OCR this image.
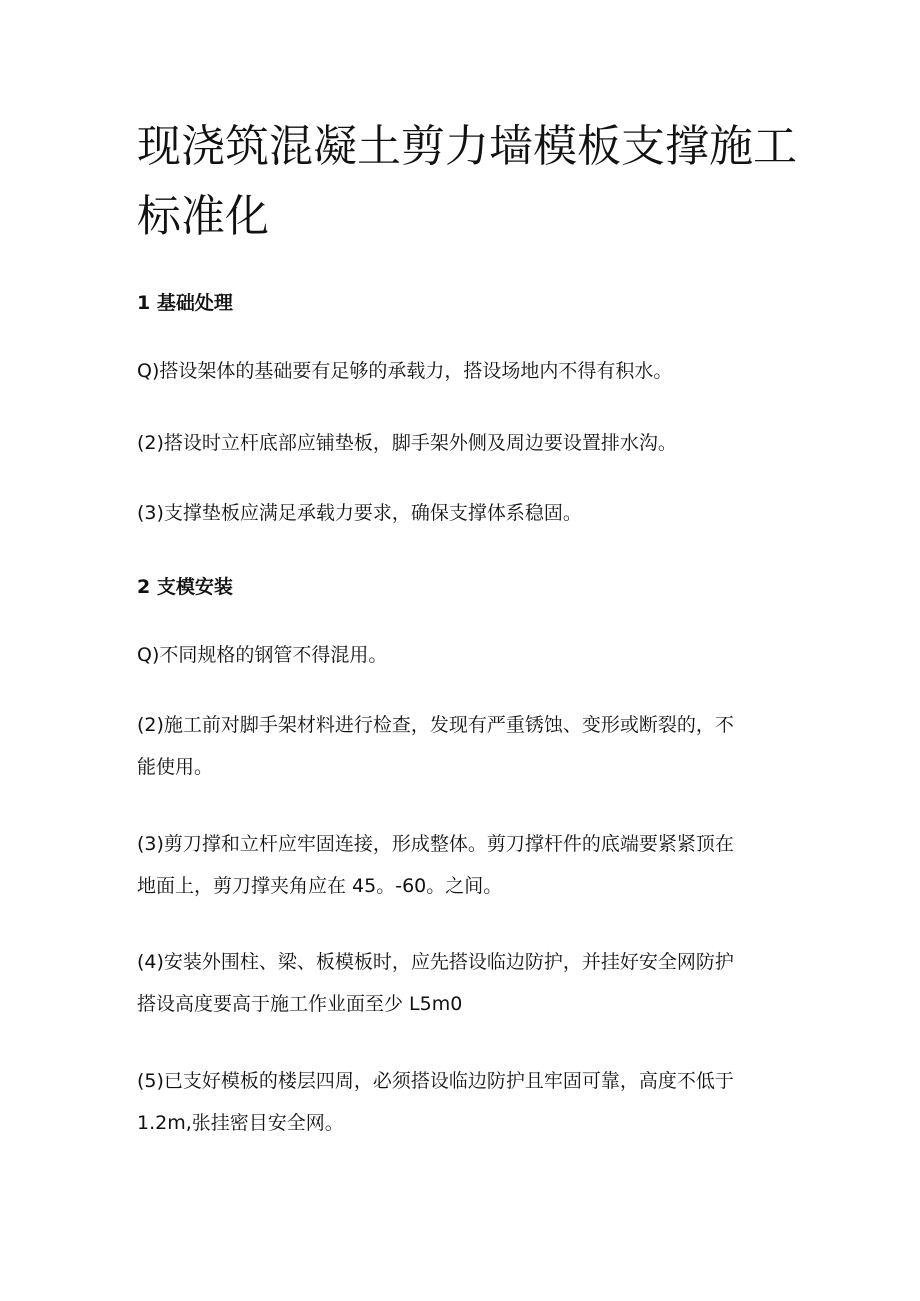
现浇筑混凝土剪力墙模板支撑施工
标准化
1 基础处理

Q)搭设架体的基础要有足够的承载力，搭设场地内不得有积水。

(2)搭设时立杆底部应铺垫板，脚手架外侧及周边要设置排水沟。

(3)支撑垫板应满足承载力要求，确保支撑体系稳固。

2 支模安装

Q)不同规格的钢管不得混用。

(2)施工前对脚手架材料进行检查，发现有严重锈蚀、变形或断裂的，不
能使用。

(3)剪刀撑和立杆应牢固连接，形成整体。剪刀撑杆件的底端要紧紧顶在
地面上，剪刀撑夹角应在 45。-60。之间。

(4)安装外围柱、梁、板模板时，应先搭设临边防护，并挂好安全网防护
搭设高度要高于施工作业面至少 L5m0

(5)已支好模板的楼层四周，必须搭设临边防护且牢固可靠，高度不低于
1.2m,张挂密目安全网。
